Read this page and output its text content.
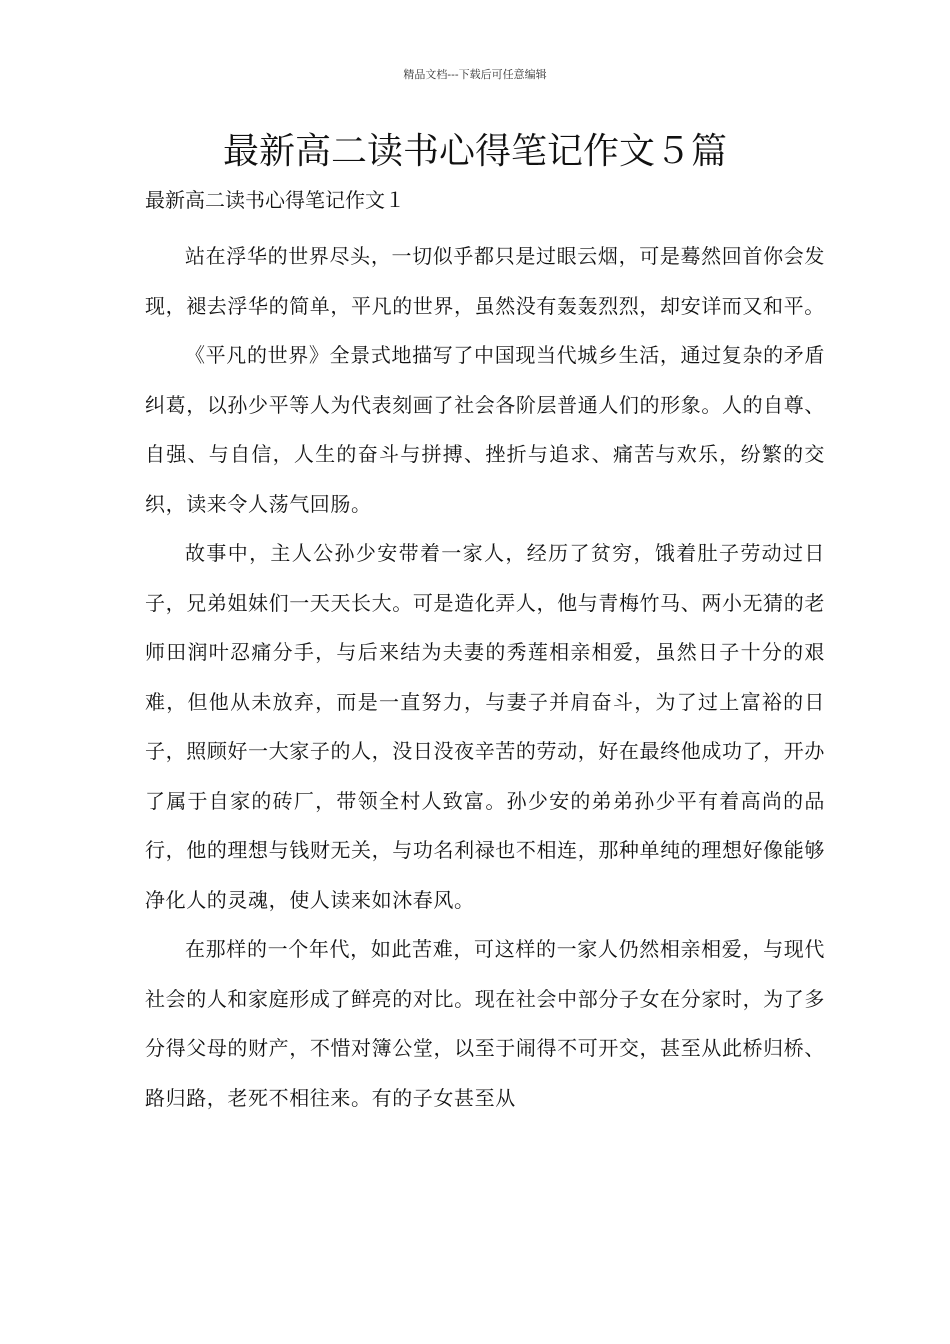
精品文档---下载后可任意编辑
最新高二读书心得笔记作文５篇
最新高二读书心得笔记作文１

站在浮华的世界尽头，一切似乎都只是过眼云烟，可是蓦然回首你会发现，褪去浮华的简单，平凡的世界，虽然没有轰轰烈烈，却安详而又和平。

《平凡的世界》全景式地描写了中国现当代城乡生活，通过复杂的矛盾纠葛，以孙少平等人为代表刻画了社会各阶层普通人们的形象。人的自尊、自强、与自信，人生的奋斗与拼搏、挫折与追求、痛苦与欢乐，纷繁的交织，读来令人荡气回肠。

故事中，主人公孙少安带着一家人，经历了贫穷，饿着肚子劳动过日子，兄弟姐妹们一天天长大。可是造化弄人，他与青梅竹马、两小无猜的老师田润叶忍痛分手，与后来结为夫妻的秀莲相亲相爱，虽然日子十分的艰难，但他从未放弃，而是一直努力，与妻子并肩奋斗，为了过上富裕的日子，照顾好一大家子的人，没日没夜辛苦的劳动，好在最终他成功了，开办了属于自家的砖厂，带领全村人致富。孙少安的弟弟孙少平有着高尚的品行，他的理想与钱财无关，与功名利禄也不相连，那种单纯的理想好像能够净化人的灵魂，使人读来如沐春风。

在那样的一个年代，如此苦难，可这样的一家人仍然相亲相爱，与现代社会的人和家庭形成了鲜亮的对比。现在社会中部分子女在分家时，为了多分得父母的财产，不惜对簿公堂，以至于闹得不可开交，甚至从此桥归桥、路归路，老死不相往来。有的子女甚至从
